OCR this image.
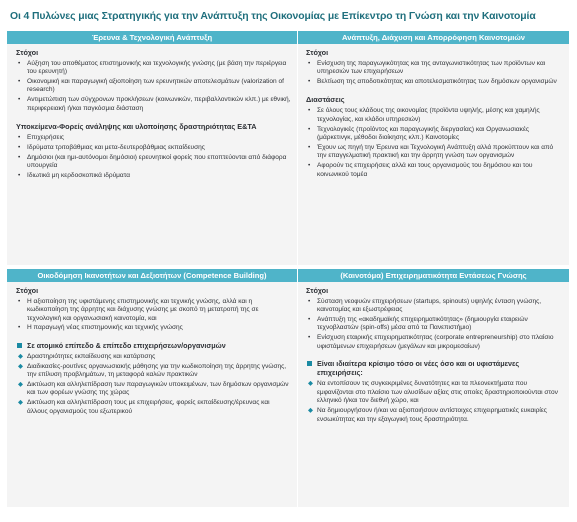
Οι 4 Πυλώνες μιας Στρατηγικής για την Ανάπτυξη της Οικονομίας με Επίκεντρο τη Γνώση και την Καινοτομία
Έρευνα & Τεχνολογική Ανάπτυξη
Στόχοι
•	Αύξηση του αποθέματος επιστημονικής και τεχνολογικής γνώσης (με βάση την περιέργεια του ερευνητή)
•	Οικονομική και παραγωγική αξιοποίηση των ερευνητικών αποτελεσμάτων (valorization of research)
•	Αντιμετώπιση των σύγχρονων προκλήσεων (κοινωνικών, περιβαλλοντικών κλπ.) με εθνική, περιφερειακή ή/και παγκόσμια διάσταση
Υποκείμενα-Φορείς ανάληψης και υλοποίησης δραστηριότητας Ε&ΤΑ
•	Επιχειρήσεις
•	Ιδρύματα τριτοβάθμιας και μετα-δευτεροβάθμιας εκπαίδευσης
•	Δημόσιοι (και ημι-αυτόνομοι δημόσιοι) ερευνητικοί φορείς που εποπτεύονται από διάφορα υπουργεία
•	Ιδιωτικά μη κερδοσκοπικά ιδρύματα
Ανάπτυξη, Διάχυση και Απορρόφηση Καινοτομιών
Στόχοι
•	Ενίσχυση της παραγωγικότητας και της ανταγωνιστικότητας των προϊόντων και υπηρεσιών των επιχειρήσεων
•	Βελτίωση της αποδοτικότητας και αποτελεσματικότητας των δημόσιων οργανισμών
Διαστάσεις
•	Σε όλους τους κλάδους της οικονομίας (προϊόντα υψηλής, μέσης και χαμηλής τεχνολογίας, και κλάδοι υπηρεσιών)
•	Τεχνολογικές (προϊόντος και παραγωγικής διεργασίας) και Οργανωσιακές (μάρκετινγκ, μέθοδοι διοίκησης κλπ.) Καινοτομίες
•	Έχουν ως πηγή την Έρευνα και Τεχνολογική Ανάπτυξη αλλά προκύπτουν και από την επαγγελματική πρακτική και την άρρητη γνώση των οργανισμών
•	Αφορούν τις επιχειρήσεις αλλά και τους οργανισμούς του δημόσιου και του κοινωνικού τομέα
Οικοδόμηση Ικανοτήτων και Δεξιοτήτων (Competence Building)
Στόχοι
•	Η αξιοποίηση της υφιστάμενης επιστημονικής και τεχνικής γνώσης, αλλά και η κωδικοποίηση της άρρητης και διάχυσης γνώσης με σκοπό τη μετατροπή της σε τεχνολογική και οργανωσιακή καινοτομία, και
•	Η παραγωγή νέας επιστημονικής και τεχνικής γνώσης
Σε ατομικό επίπεδο & επίπεδο επιχειρήσεων/οργανισμών
◆ Δραστηριότητες εκπαίδευσης και κατάρτισης
◆ Διαδικασίες-ρουτίνες οργανωσιακής μάθησης για την κωδικοποίηση της άρρητης γνώσης, την επίλυση προβλημάτων, τη μεταφορά καλών πρακτικών
◆ Δικτύωση και αλληλεπίδραση των παραγωγικών υποκειμένων, των δημόσιων οργανισμών και των φορέων γνώσης της χώρας
◆ Δικτύωση και αλληλεπίδραση τους με επιχειρήσεις, φορείς εκπαίδευσης/έρευνας και άλλους οργανισμούς του εξωτερικού
(Καινοτόμα) Επιχειρηματικότητα Εντάσεως Γνώσης
Στόχοι
•	Σύσταση νεοφυών επιχειρήσεων (startups, spinouts) υψηλής ένταση γνώσης, καινοτομίας και εξωστρέφειας
•	Ανάπτυξη της «ακαδημαϊκής επιχειρηματικότητας» (δημιουργία εταιρειών τεχνοβλαστών (spin-offs) μέσα από τα Πανεπιστήμιο)
•	Ενίσχυση εταιρικής επιχειρηματικότητας (corporate entrepreneurship) στο πλαίσιο υφιστάμενων επιχειρήσεων (μεγάλων και μικρομεσαίων)
Είναι ιδιαίτερα κρίσιμο τόσο οι νέες όσο και οι υφιστάμενες επιχειρήσεις:
◆ Να εντοπίσουν τις συγκεκριμένες δυνατότητες και τα πλεονεκτήματα που εμφανίζονται στο πλαίσιο των αλυσίδων αξίας στις οποίες δραστηριοποιούνται στον ελληνικό ή/και τον διεθνή χώρο, και
◆ Να δημιουργήσουν ή/και να αξιοποιήσουν αντίστοιχες επιχειρηματικές ευκαιρίες ενσωκύτητας και την εξαγωγική τους δραστηριότητα.
